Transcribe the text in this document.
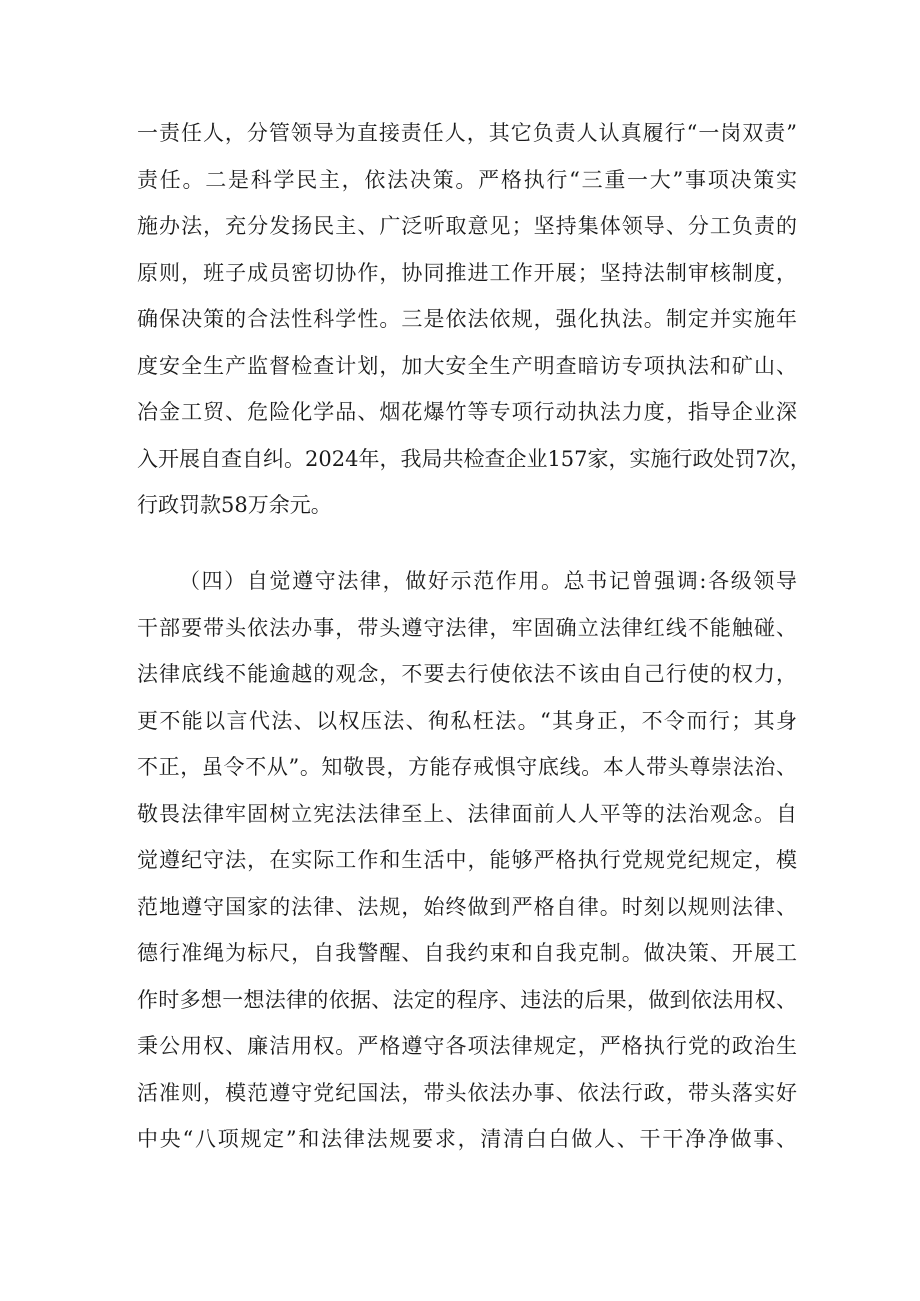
一责任人，分管领导为直接责任人，其它负责人认真履行“一岗双责”
责任。二是科学民主，依法决策。严格执行“三重一大”事项决策实
施办法，充分发扬民主、广泛听取意见；坚持集体领导、分工负责的
原则，班子成员密切协作，协同推进工作开展；坚持法制审核制度，
确保决策的合法性科学性。三是依法依规，强化执法。制定并实施年
度安全生产监督检查计划，加大安全生产明查暗访专项执法和矿山、
冶金工贸、危险化学品、烟花爆竹等专项行动执法力度，指导企业深
入开展自查自纠。2024年，我局共检查企业157家，实施行政处罚7次，
行政罚款58万余元。
（四）自觉遵守法律，做好示范作用。总书记曾强调:各级领导
干部要带头依法办事，带头遵守法律，牢固确立法律红线不能触碰、
法律底线不能逾越的观念，不要去行使依法不该由自己行使的权力，
更不能以言代法、以权压法、徇私枉法。“其身正，不令而行；其身
不正，虽令不从”。知敬畏，方能存戒惧守底线。本人带头尊崇法治、
敬畏法律牢固树立宪法法律至上、法律面前人人平等的法治观念。自
觉遵纪守法，在实际工作和生活中，能够严格执行党规党纪规定，模
范地遵守国家的法律、法规，始终做到严格自律。时刻以规则法律、
德行准绳为标尺，自我警醒、自我约束和自我克制。做决策、开展工
作时多想一想法律的依据、法定的程序、违法的后果，做到依法用权、
秉公用权、廉洁用权。严格遵守各项法律规定，严格执行党的政治生
活准则，模范遵守党纪国法，带头依法办事、依法行政，带头落实好
中央“八项规定”和法律法规要求，清清白白做人、干干净净做事、
